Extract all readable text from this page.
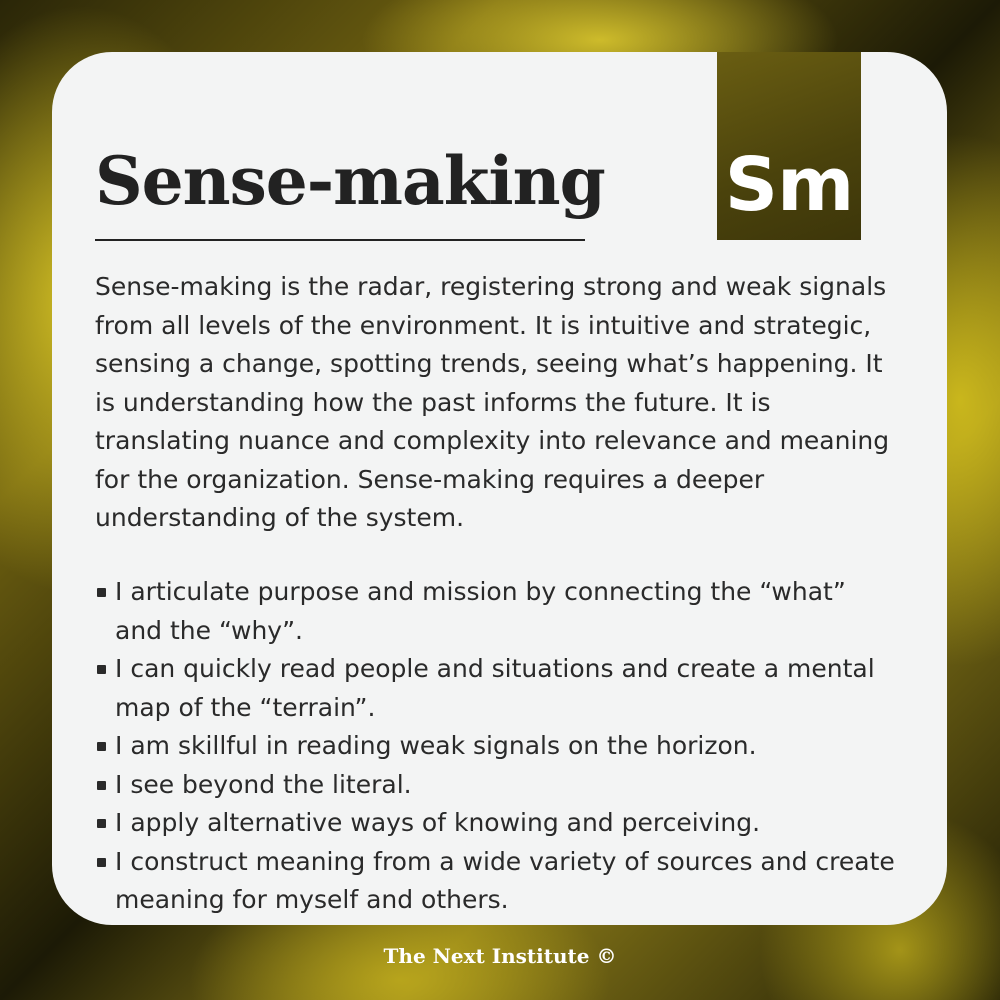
Sm
Sense-making

Sense-making is the radar, registering strong and weak signals from all levels of the environment. It is intuitive and strategic, sensing a change, spotting trends, seeing what’s happening. It is understanding how the past informs the future. It is translating nuance and complexity into relevance and meaning for the organization. Sense-making requires a deeper understanding of the system.

I articulate purpose and mission by connecting the “what” and the “why”.
I can quickly read people and situations and create a mental map of the “terrain”.
I am skillful in reading weak signals on the horizon.
I see beyond the literal.
I apply alternative ways of knowing and perceiving.
I construct meaning from a wide variety of sources and create meaning for myself and others.
The Next Institute ©
